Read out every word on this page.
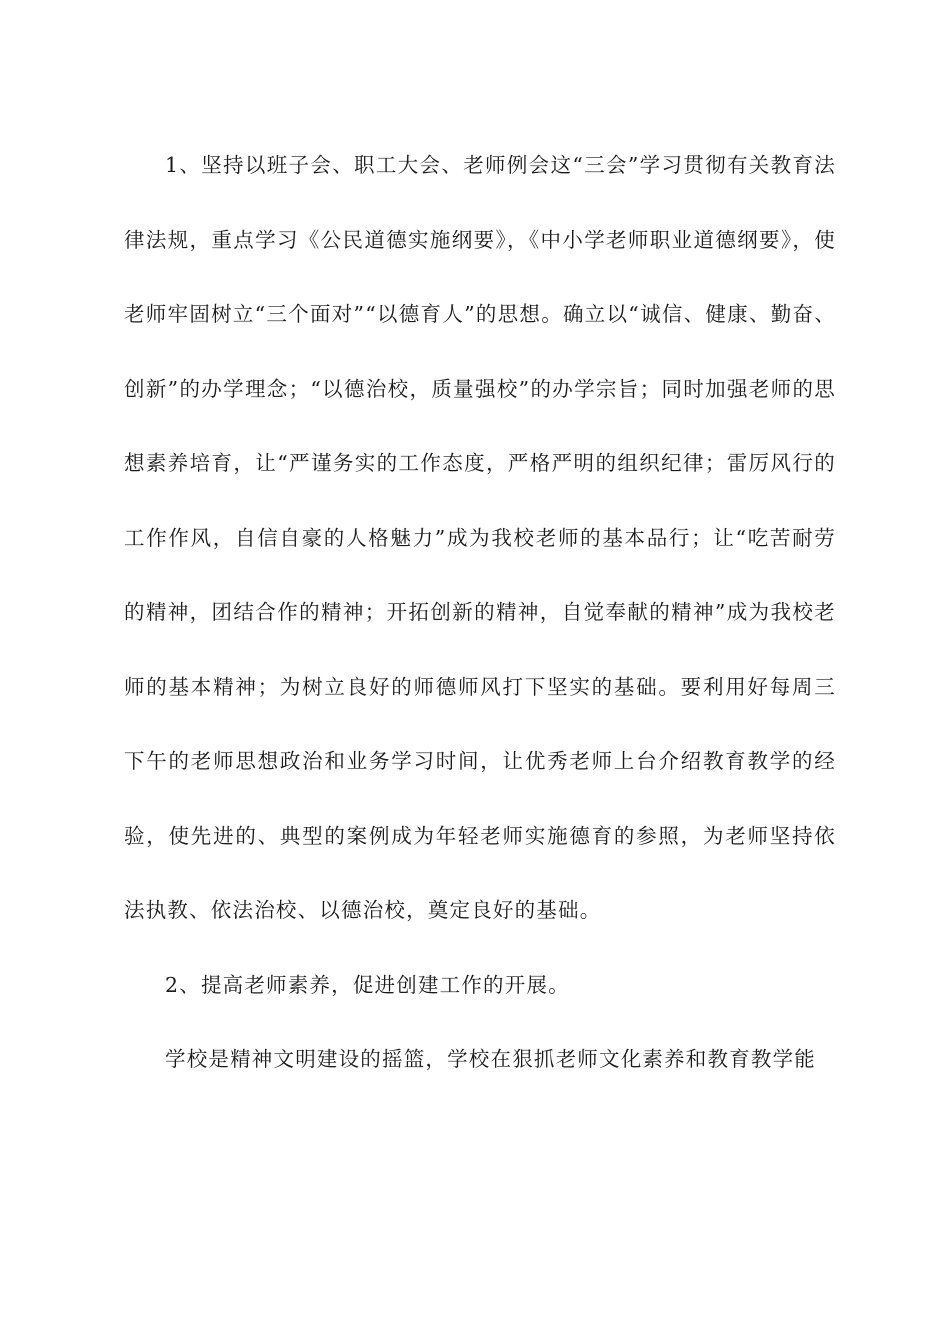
1、坚持以班子会、职工大会、老师例会这“三会”学习贯彻有关教育法律法规，重点学习《公民道德实施纲要》，《中小学老师职业道德纲要》，使老师牢固树立“三个面对”“以德育人”的思想。确立以“诚信、健康、勤奋、创新”的办学理念；“以德治校，质量强校”的办学宗旨；同时加强老师的思想素养培育，让“严谨务实的工作态度，严格严明的组织纪律；雷厉风行的工作作风，自信自豪的人格魅力”成为我校老师的基本品行；让“吃苦耐劳的精神，团结合作的精神；开拓创新的精神，自觉奉献的精神”成为我校老师的基本精神；为树立良好的师德师风打下坚实的基础。要利用好每周三下午的老师思想政治和业务学习时间，让优秀老师上台介绍教育教学的经验，使先进的、典型的案例成为年轻老师实施德育的参照，为老师坚持依法执教、依法治校、以德治校，奠定良好的基础。

2、提高老师素养，促进创建工作的开展。

学校是精神文明建设的摇篮，学校在狠抓老师文化素养和教育教学能
